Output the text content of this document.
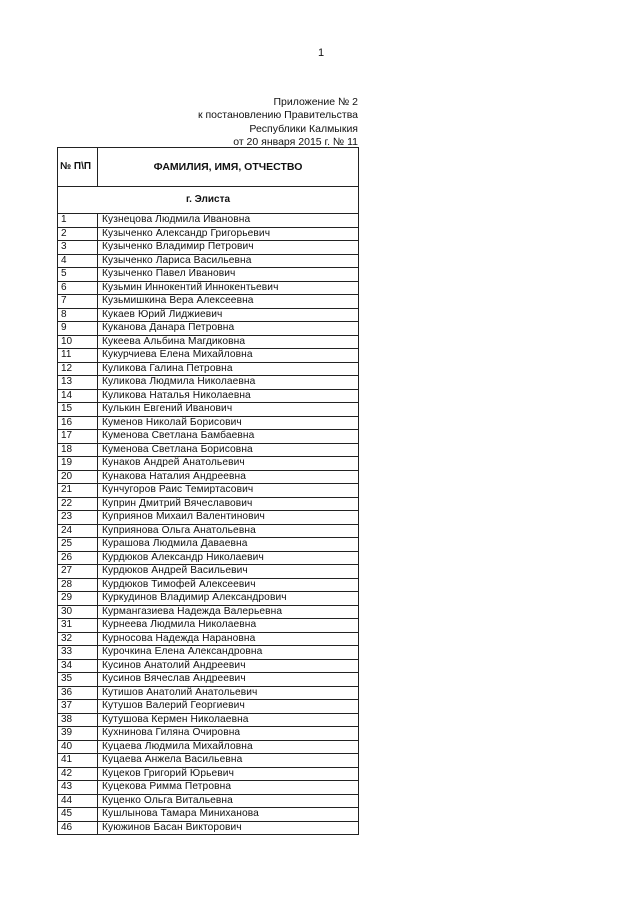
1
Приложение № 2
к постановлению Правительства
Республики Калмыкия
от 20 января 2015 г. № 11
№ П\П	ФАМИЛИЯ, ИМЯ, ОТЧЕСТВО
г. Элиста	
1	Кузнецова Людмила Ивановна
2	Кузыченко Александр Григорьевич
3	Кузыченко Владимир Петрович
4	Кузыченко Лариса Васильевна
5	Кузыченко Павел Иванович
6	Кузьмин Иннокентий Иннокентьевич
7	Кузьмишкина Вера Алексеевна
8	Кукаев Юрий Лиджиевич
9	Куканова Данара Петровна
10	Кукеева Альбина Магдиковна
11	Кукурчиева Елена Михайловна
12	Куликова Галина Петровна
13	Куликова Людмила Николаевна
14	Куликова Наталья Николаевна
15	Кулькин Евгений Иванович
16	Куменов Николай Борисович
17	Куменова Светлана Бамбаевна
18	Куменова Светлана Борисовна
19	Кунаков Андрей Анатольевич
20	Кунакова Наталия Андреевна
21	Кунчугоров Раис Темиртасович
22	Куприн Дмитрий Вячеславович
23	Куприянов Михаил Валентинович
24	Куприянова Ольга Анатольевна
25	Курашова Людмила Даваевна
26	Курдюков Александр Николаевич
27	Курдюков Андрей Васильевич
28	Курдюков Тимофей Алексеевич
29	Куркудинов Владимир Александрович
30	Курмангазиева Надежда Валерьевна
31	Курнеева Людмила Николаевна
32	Курносова Надежда Нарановна
33	Курочкина Елена Александровна
34	Кусинов Анатолий Андреевич
35	Кусинов Вячеслав Андреевич
36	Кутишов Анатолий Анатольевич
37	Кутушов Валерий Георгиевич
38	Кутушова Кермен Николаевна
39	Кухнинова Гиляна Очировна
40	Куцаева Людмила Михайловна
41	Куцаева Анжела Васильевна
42	Куцеков Григорий Юрьевич
43	Куцекова Римма Петровна
44	Куценко Ольга Витальевна
45	Кушлынова Тамара Миниханова
46	Куюжинов Басан Викторович
